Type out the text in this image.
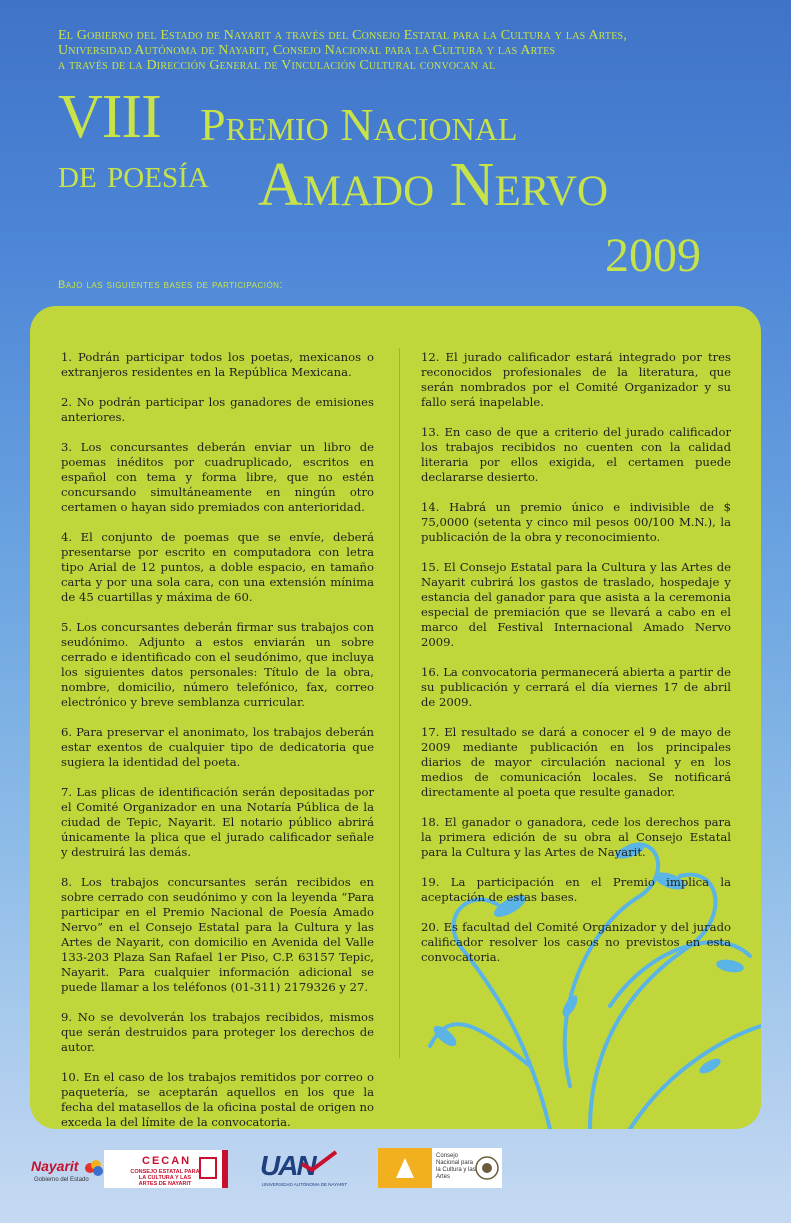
El Gobierno del Estado de Nayarit a través del Consejo Estatal para la Cultura y las Artes,
Universidad Autónoma de Nayarit, Consejo Nacional para la Cultura y las Artes
a través de la Dirección General de Vinculación Cultural convocan al
VIII Premio Nacional
de poesía Amado Nervo
2009
Bajo las siguientes bases de participación:

1. Podrán participar todos los poetas, mexicanos o extranjeros residentes en la República Mexicana.

2. No podrán participar los ganadores de emisiones anteriores.

3. Los concursantes deberán enviar un libro de poemas inéditos por cuadruplicado, escritos en español con tema y forma libre, que no estén concursando simultáneamente en ningún otro certamen o hayan sido premiados con anterioridad.

4. El conjunto de poemas que se envíe, deberá presentarse por escrito en computadora con letra tipo Arial de 12 puntos, a doble espacio, en tamaño carta y por una sola cara, con una extensión mínima de 45 cuartillas y máxima de 60.

5. Los concursantes deberán firmar sus trabajos con seudónimo. Adjunto a estos enviarán un sobre cerrado e identificado con el seudónimo, que incluya los siguientes datos personales: Título de la obra, nombre, domicilio, número telefónico, fax, correo electrónico y breve semblanza curricular.

6. Para preservar el anonimato, los trabajos deberán estar exentos de cualquier tipo de dedicatoria que sugiera la identidad del poeta.

7. Las plicas de identificación serán depositadas por el Comité Organizador en una Notaría Pública de la ciudad de Tepic, Nayarit. El notario público abrirá únicamente la plica que el jurado calificador señale y destruirá las demás.

8. Los trabajos concursantes serán recibidos en sobre cerrado con seudónimo y con la leyenda “Para participar en el Premio Nacional de Poesía Amado Nervo” en el Consejo Estatal para la Cultura y las Artes de Nayarit, con domicilio en Avenida del Valle 133-203 Plaza San Rafael 1er Piso, C.P. 63157 Tepic, Nayarit. Para cualquier información adicional se puede llamar a los teléfonos (01-311) 2179326 y 27.

9. No se devolverán los trabajos recibidos, mismos que serán destruidos para proteger los derechos de autor.

10. En el caso de los trabajos remitidos por correo o paquetería, se aceptarán aquellos en los que la fecha del matasellos de la oficina postal de origen no exceda la del límite de la convocatoria.

12. El jurado calificador estará integrado por tres reconocidos profesionales de la literatura, que serán nombrados por el Comité Organizador y su fallo será inapelable.

13. En caso de que a criterio del jurado calificador los trabajos recibidos no cuenten con la calidad literaria por ellos exigida, el certamen puede declararse desierto.

14. Habrá un premio único e indivisible de $ 75,0000 (setenta y cinco mil pesos 00/100 M.N.), la publicación de la obra y reconocimiento.

15. El Consejo Estatal para la Cultura y las Artes de Nayarit cubrirá los gastos de traslado, hospedaje y estancia del ganador para que asista a la ceremonia especial de premiación que se llevará a cabo en el marco del Festival Internacional Amado Nervo 2009.

16. La convocatoria permanecerá abierta a partir de su publicación y cerrará el día viernes 17 de abril de 2009.

17. El resultado se dará a conocer el 9 de mayo de 2009 mediante publicación en los principales diarios de mayor circulación nacional y en los medios de comunicación locales. Se notificará directamente al poeta que resulte ganador.

18. El ganador o ganadora, cede los derechos para la primera edición de su obra al Consejo Estatal para la Cultura y las Artes de Nayarit.

19. La participación en el Premio implica la aceptación de estas bases.

20. Es facultad del Comité Organizador y del jurado calificador resolver los casos no previstos en esta convocatoria.

Nayarit
Gobierno del Estado
CECAN
CONSEJO ESTATAL PARA LA CULTURA Y LAS ARTES DE NAYARIT
UAN
UNIVERSIDAD AUTÓNOMA DE NAYARIT
Consejo Nacional para la Cultura y las Artes
